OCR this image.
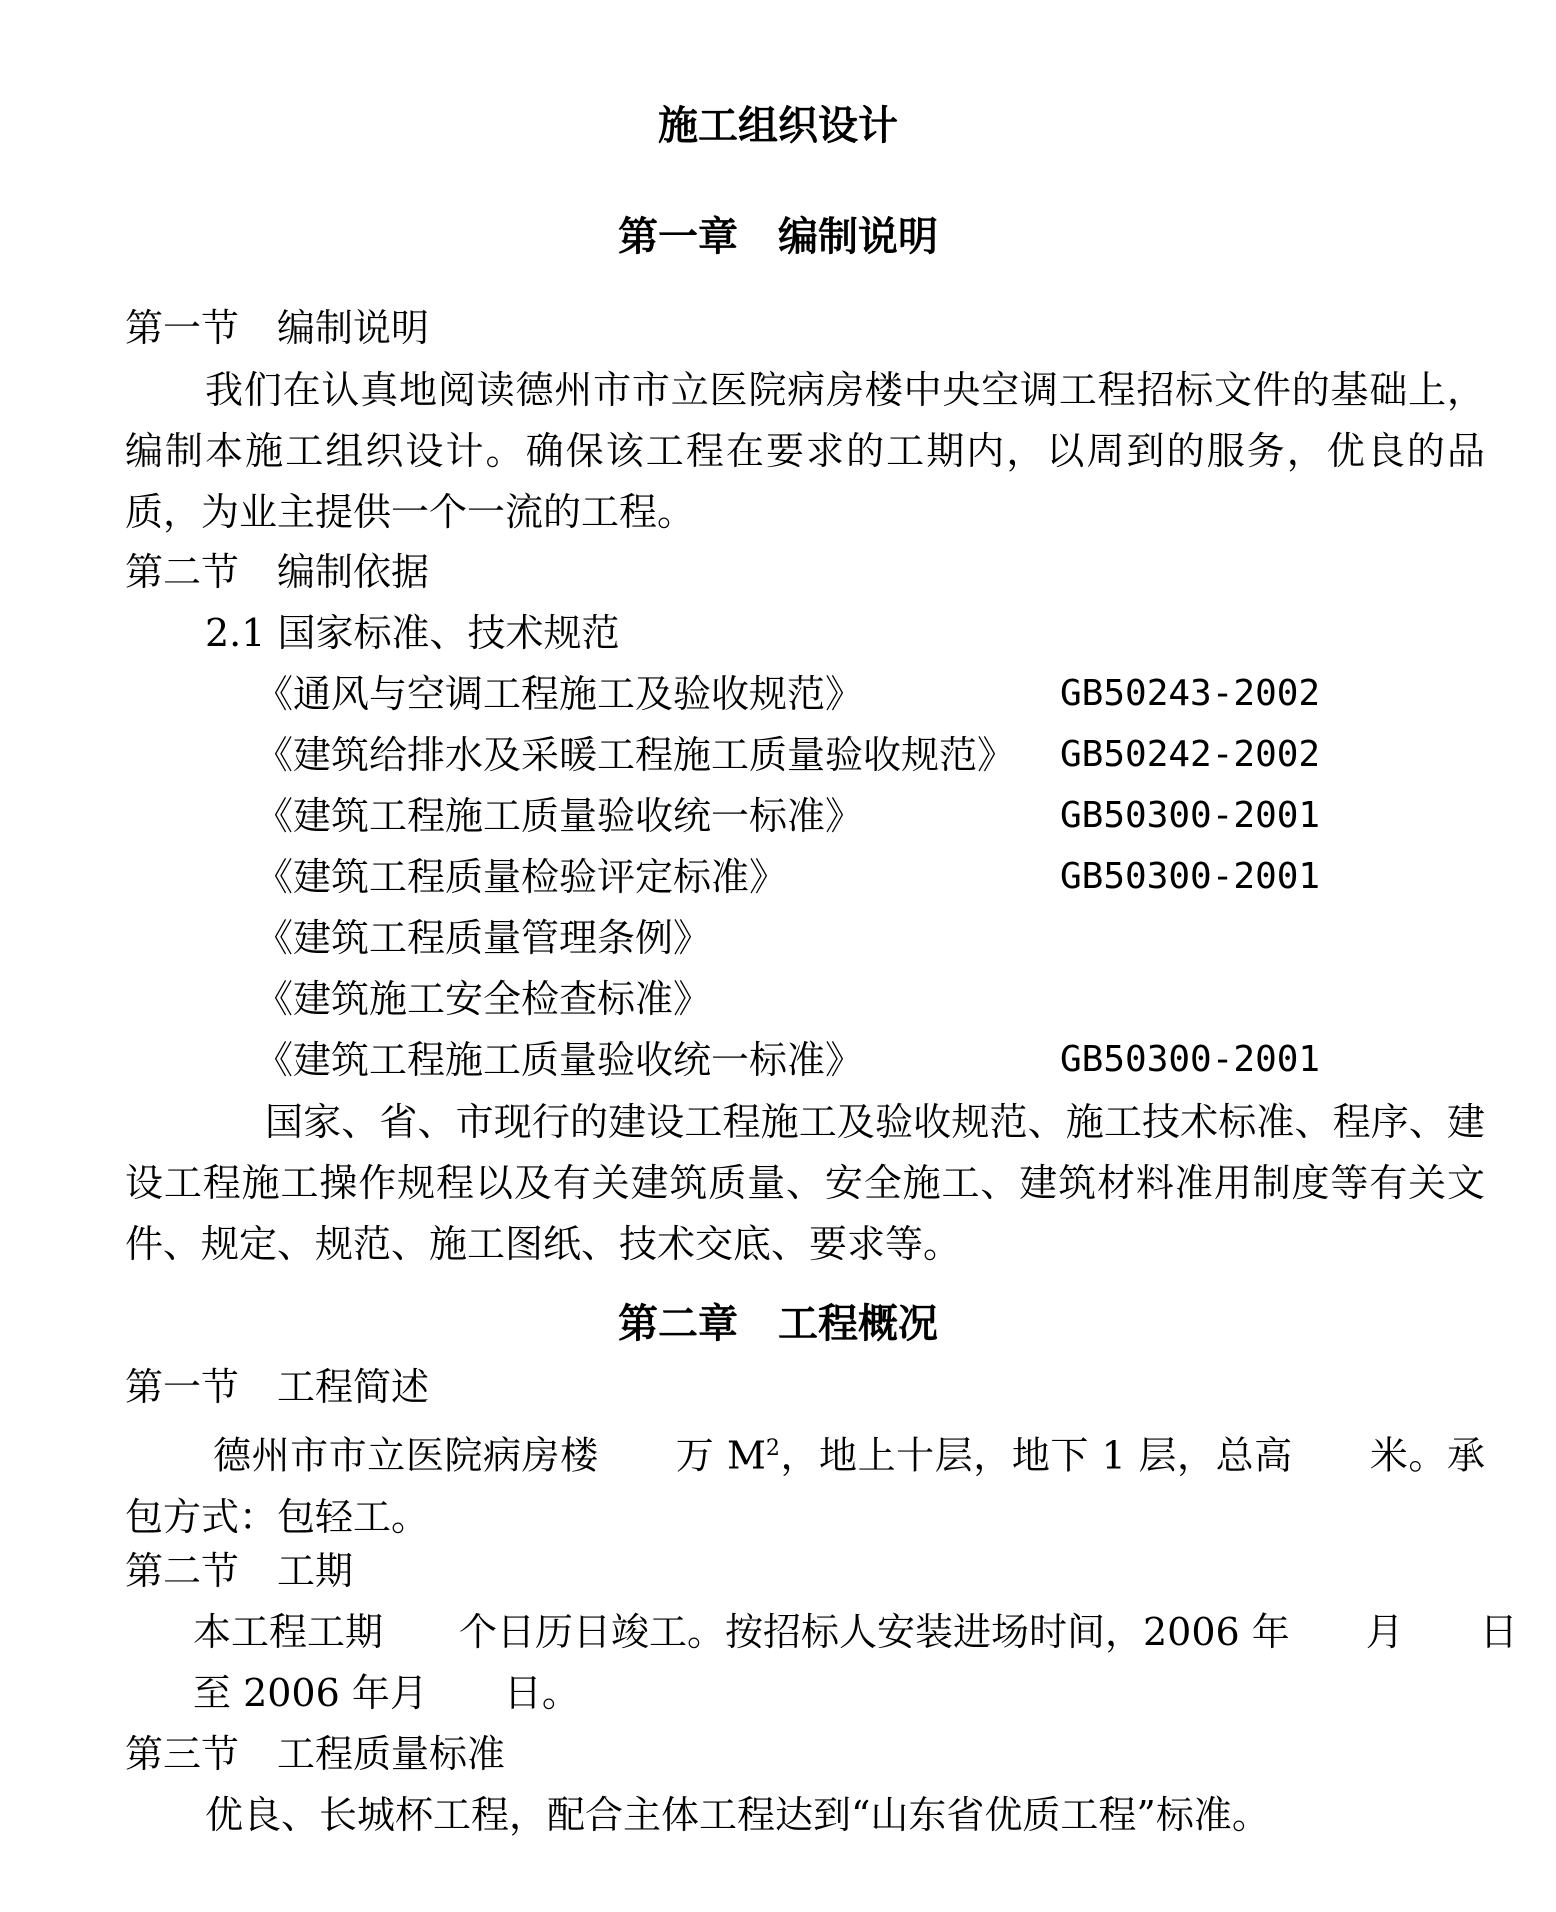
施工组织设计
第一章　编制说明
第一节　编制说明
我们在认真地阅读德州市市立医院病房楼中央空调工程招标文件的基础上，编制本施工组织设计。确保该工程在要求的工期内，以周到的服务，优良的品质，为业主提供一个一流的工程。
第二节　编制依据
2.1 国家标准、技术规范
《通风与空调工程施工及验收规范》	GB50243-2002
《建筑给排水及采暖工程施工质量验收规范》 GB50242-2002
《建筑工程施工质量验收统一标准》	GB50300-2001
《建筑工程质量检验评定标准》	GB50300-2001
《建筑工程质量管理条例》
《建筑施工安全检查标准》
《建筑工程施工质量验收统一标准》	GB50300-2001
国家、省、市现行的建设工程施工及验收规范、施工技术标准、程序、建设工程施工操作规程以及有关建筑质量、安全施工、建筑材料准用制度等有关文件、规定、规范、施工图纸、技术交底、要求等。
第二章　工程概况
第一节　工程简述
德州市市立医院病房楼　　万 $M^2$，地上十层，地下 1 层，总高　　米。承包方式：包轻工。
第二节　工期
本工程工期　　个日历日竣工。按招标人安装进场时间，2006 年　　月　　日
至 2006 年月　　日。
第三节　工程质量标准
优良、长城杯工程，配合主体工程达到“山东省优质工程”标准。
